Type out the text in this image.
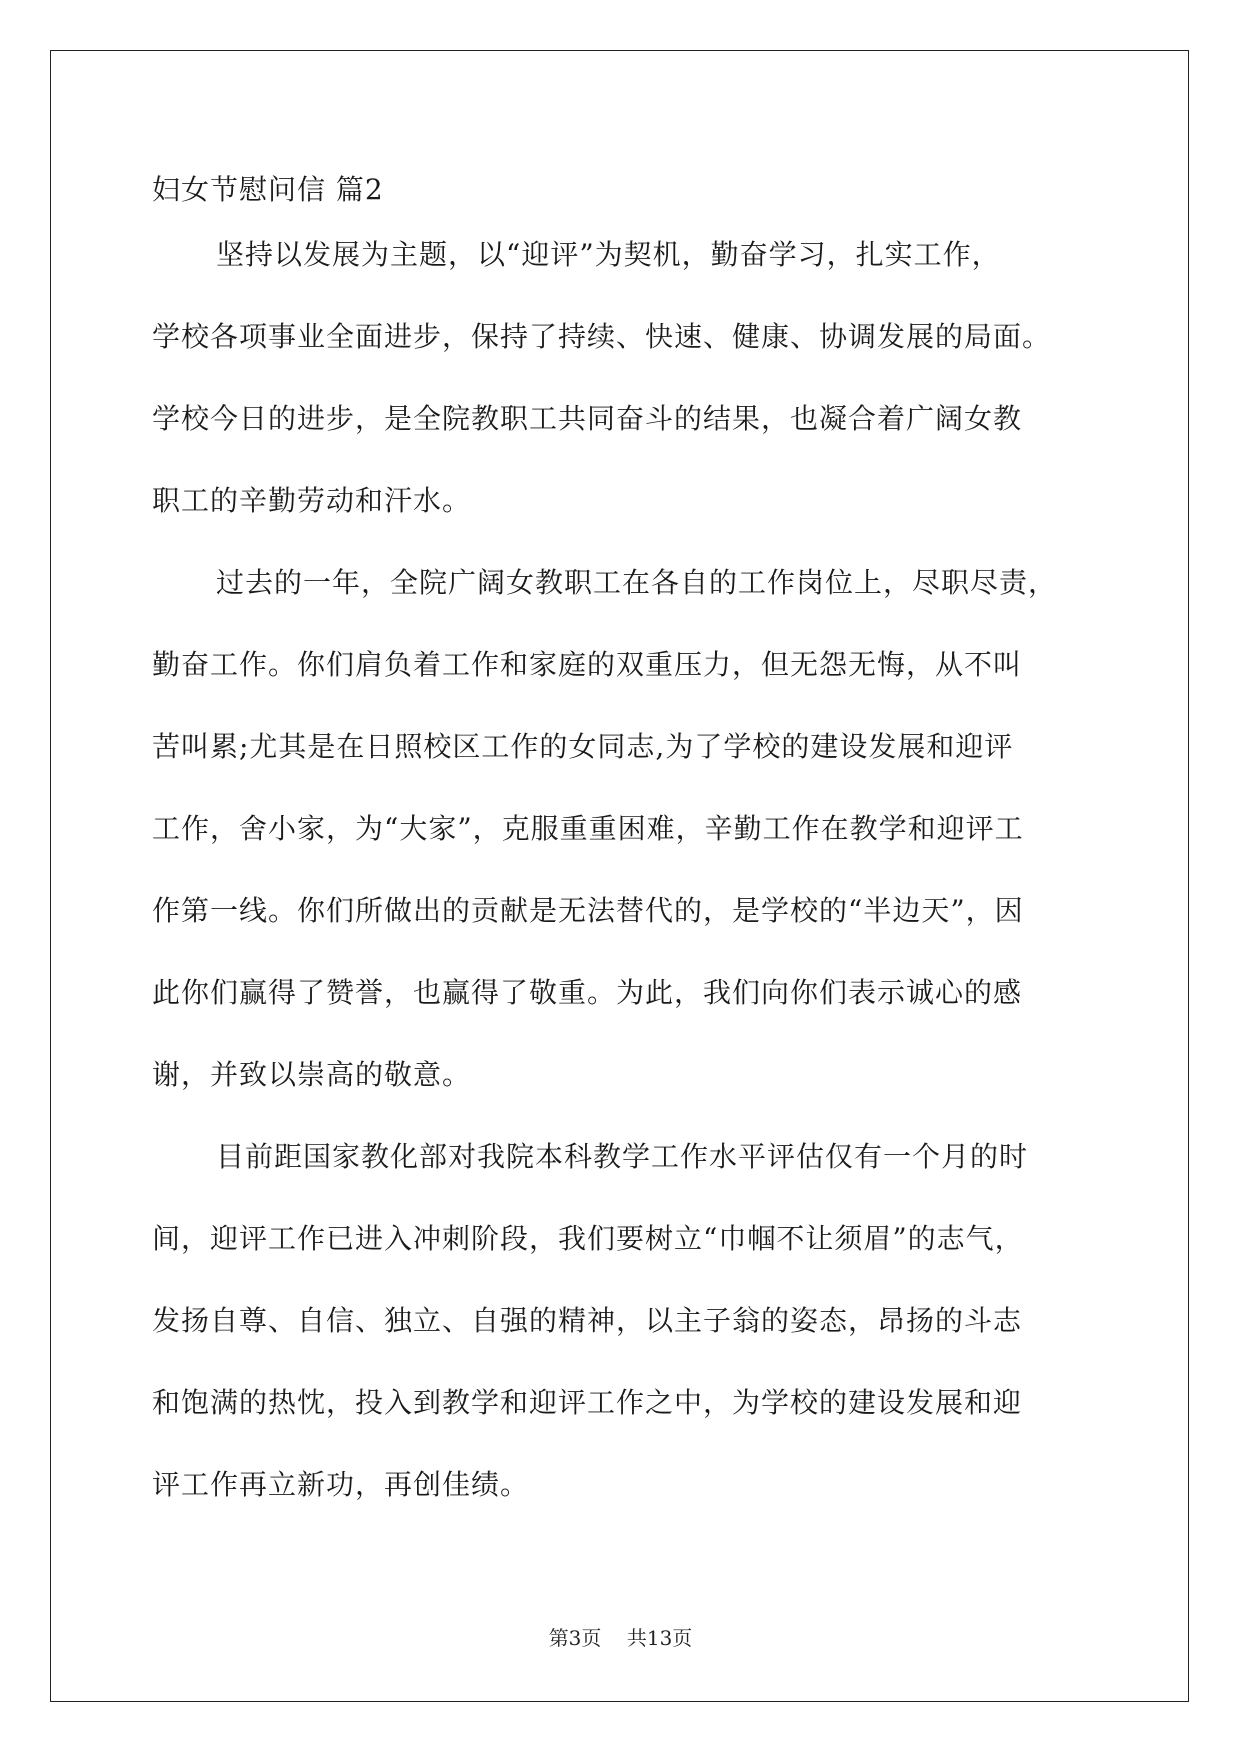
妇女节慰问信 篇2
坚持以发展为主题，以“迎评”为契机，勤奋学习，扎实工作，
学校各项事业全面进步，保持了持续、快速、健康、协调发展的局面。
学校今日的进步，是全院教职工共同奋斗的结果，也凝合着广阔女教
职工的辛勤劳动和汗水。
过去的一年，全院广阔女教职工在各自的工作岗位上，尽职尽责，
勤奋工作。你们肩负着工作和家庭的双重压力，但无怨无悔，从不叫
苦叫累;尤其是在日照校区工作的女同志,为了学校的建设发展和迎评
工作，舍小家，为“大家”，克服重重困难，辛勤工作在教学和迎评工
作第一线。你们所做出的贡献是无法替代的，是学校的“半边天”，因
此你们赢得了赞誉，也赢得了敬重。为此，我们向你们表示诚心的感
谢，并致以崇高的敬意。
目前距国家教化部对我院本科教学工作水平评估仅有一个月的时
间，迎评工作已进入冲刺阶段，我们要树立“巾帼不让须眉”的志气，
发扬自尊、自信、独立、自强的精神，以主子翁的姿态，昂扬的斗志
和饱满的热忱，投入到教学和迎评工作之中，为学校的建设发展和迎
评工作再立新功，再创佳绩。
第3页 共13页
